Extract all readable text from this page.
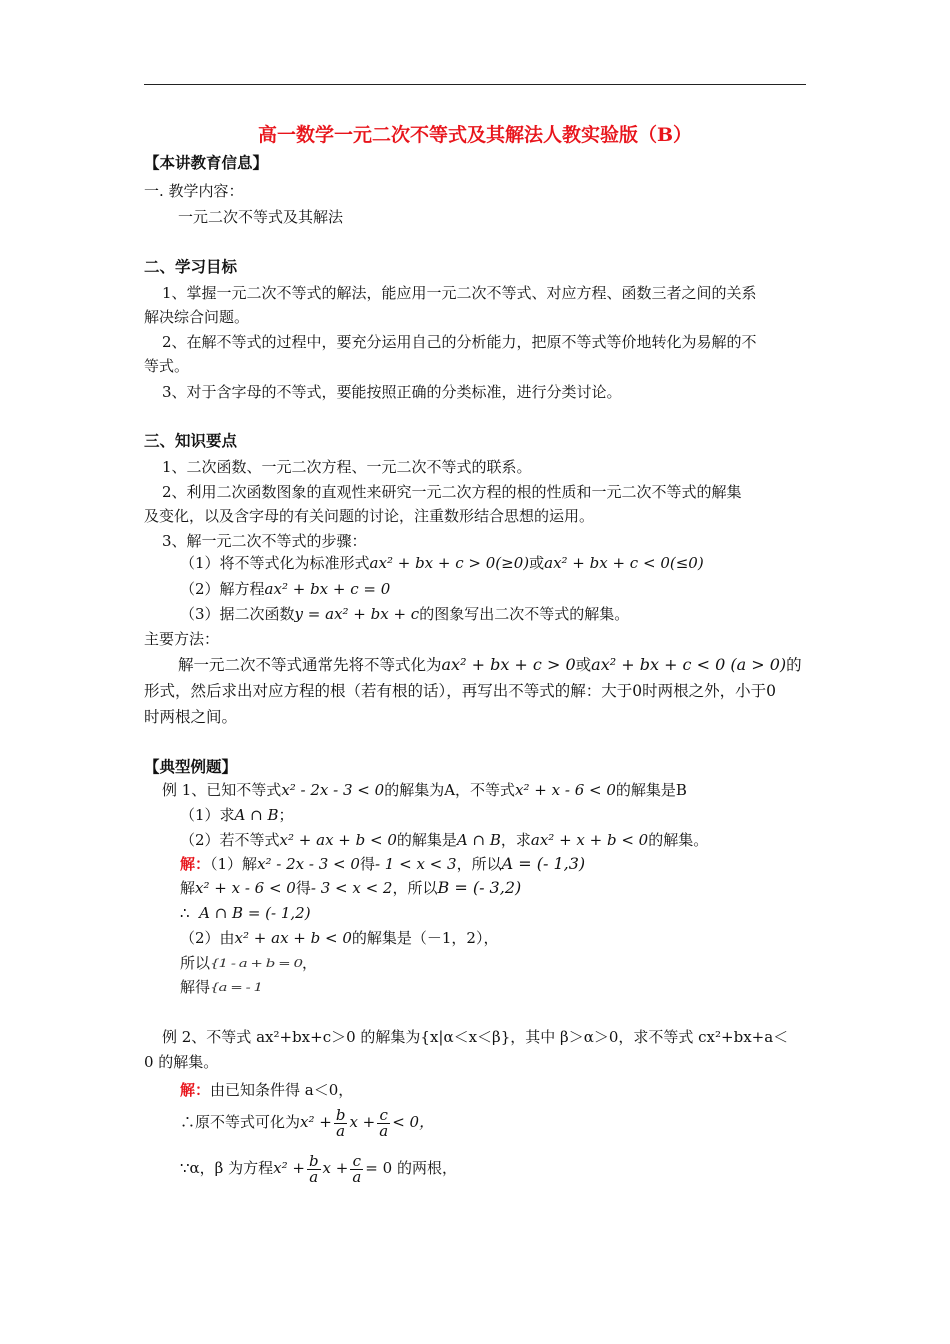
高一数学一元二次不等式及其解法人教实验版（B）
【本讲教育信息】
一. 教学内容：
一元二次不等式及其解法
二、学习目标
1、掌握一元二次不等式的解法，能应用一元二次不等式、对应方程、函数三者之间的关系
解决综合问题。
2、在解不等式的过程中，要充分运用自己的分析能力，把原不等式等价地转化为易解的不
等式。
3、对于含字母的不等式，要能按照正确的分类标准，进行分类讨论。
三、知识要点
1、二次函数、一元二次方程、一元二次不等式的联系。
2、利用二次函数图象的直观性来研究一元二次方程的根的性质和一元二次不等式的解集
及变化，以及含字母的有关问题的讨论，注重数形结合思想的运用。
3、解一元二次不等式的步骤：
（1）将不等式化为标准形式ax² + bx + c > 0(≥0)或ax² + bx + c < 0(≤0)
（2）解方程ax² + bx + c = 0
（3）据二次函数y = ax² + bx + c的图象写出二次不等式的解集。
主要方法：
解一元二次不等式通常先将不等式化为ax² + bx + c > 0或ax² + bx + c < 0 (a > 0)的
形式，然后求出对应方程的根（若有根的话），再写出不等式的解：大于0时两根之外，小于0
时两根之间。
【典型例题】
例 1、已知不等式x² - 2x - 3 < 0的解集为A，不等式x² + x - 6 < 0的解集是B
（1）求A ∩ B；
（2）若不等式x² + ax + b < 0的解集是A ∩ B，求ax² + x + b < 0的解集。
解：（1）解x² - 2x - 3 < 0得- 1 < x < 3，所以A = (- 1,3)
解x² + x - 6 < 0得- 3 < x < 2，所以B = (- 3,2)
∴ A ∩ B = (- 1,2)
（2）由x² + ax + b < 0的解集是（－1，2），
所以{1 - a + b = 0，
解得{a = - 1
例 2、不等式 ax²+bx+c＞0 的解集为{x|α＜x＜β}，其中 β＞α＞0，求不等式 cx²+bx+a＜
0 的解集。
解：由已知条件得 a＜0，
∴原不等式可化为$x^2 + \frac{b}{a}$ $x + \frac{c}{a} < 0$，
∵α，β 为方程$x^2 + \frac{b}{a}$ $x + \frac{c}{a} = 0$ 的两根，
